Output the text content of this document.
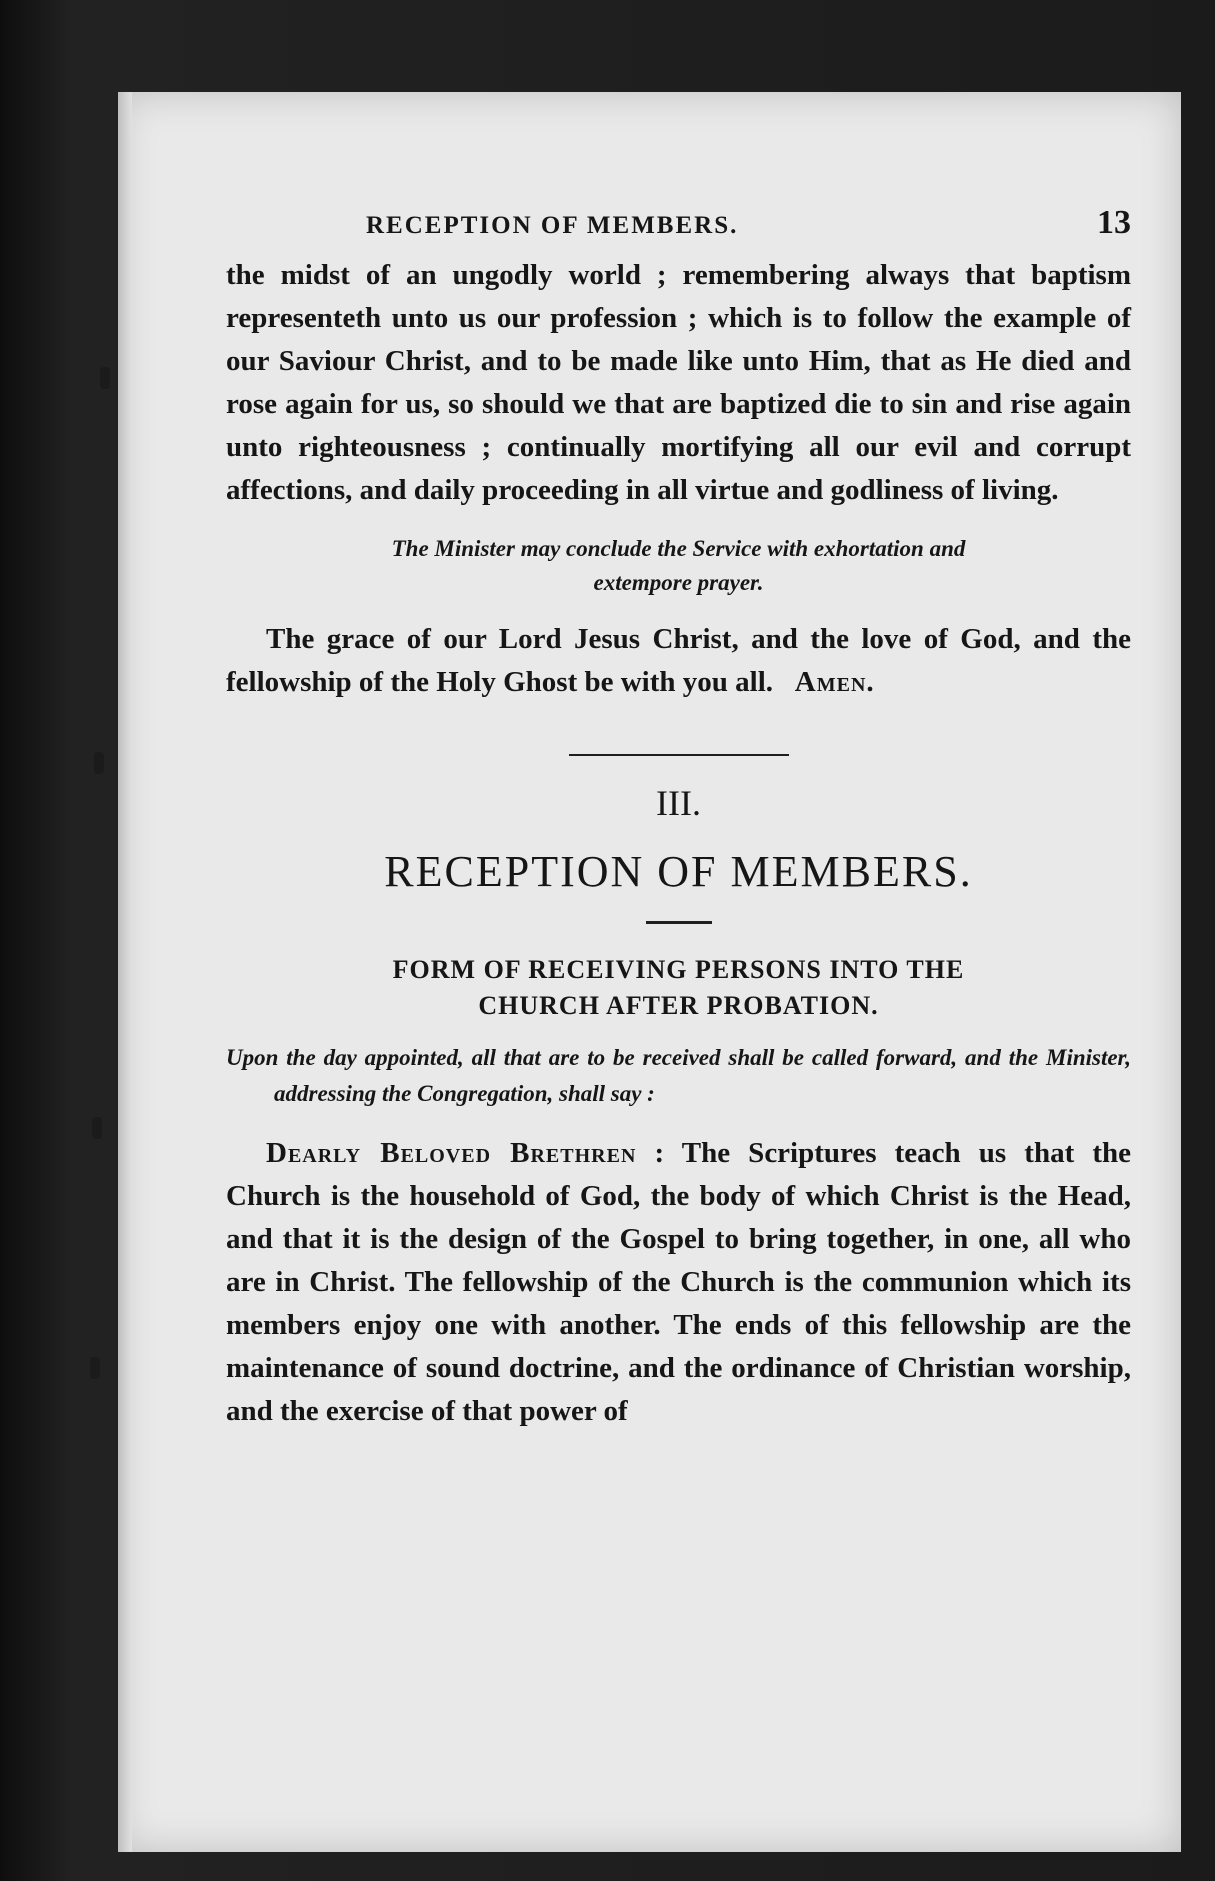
RECEPTION OF MEMBERS.	13

the midst of an ungodly world ; remembering always that baptism representeth unto us our profession ; which is to follow the example of our Saviour Christ, and to be made like unto Him, that as He died and rose again for us, so should we that are baptized die to sin and rise again unto righteousness ; continually mortifying all our evil and corrupt affections, and daily proceeding in all virtue and godliness of living.

The Minister may conclude the Service with exhortation and
extempore prayer.

The grace of our Lord Jesus Christ, and the love of God, and the fellowship of the Holy Ghost be with you all. Amen.

III.
RECEPTION OF MEMBERS.
FORM OF RECEIVING PERSONS INTO THE
CHURCH AFTER PROBATION.

Upon the day appointed, all that are to be received shall be called forward, and the Minister, addressing the Congregation, shall say :

Dearly Beloved Brethren : The Scriptures teach us that the Church is the household of God, the body of which Christ is the Head, and that it is the design of the Gospel to bring together, in one, all who are in Christ. The fellowship of the Church is the communion which its members enjoy one with another. The ends of this fellowship are the maintenance of sound doctrine, and the ordinance of Christian worship, and the exercise of that power of
